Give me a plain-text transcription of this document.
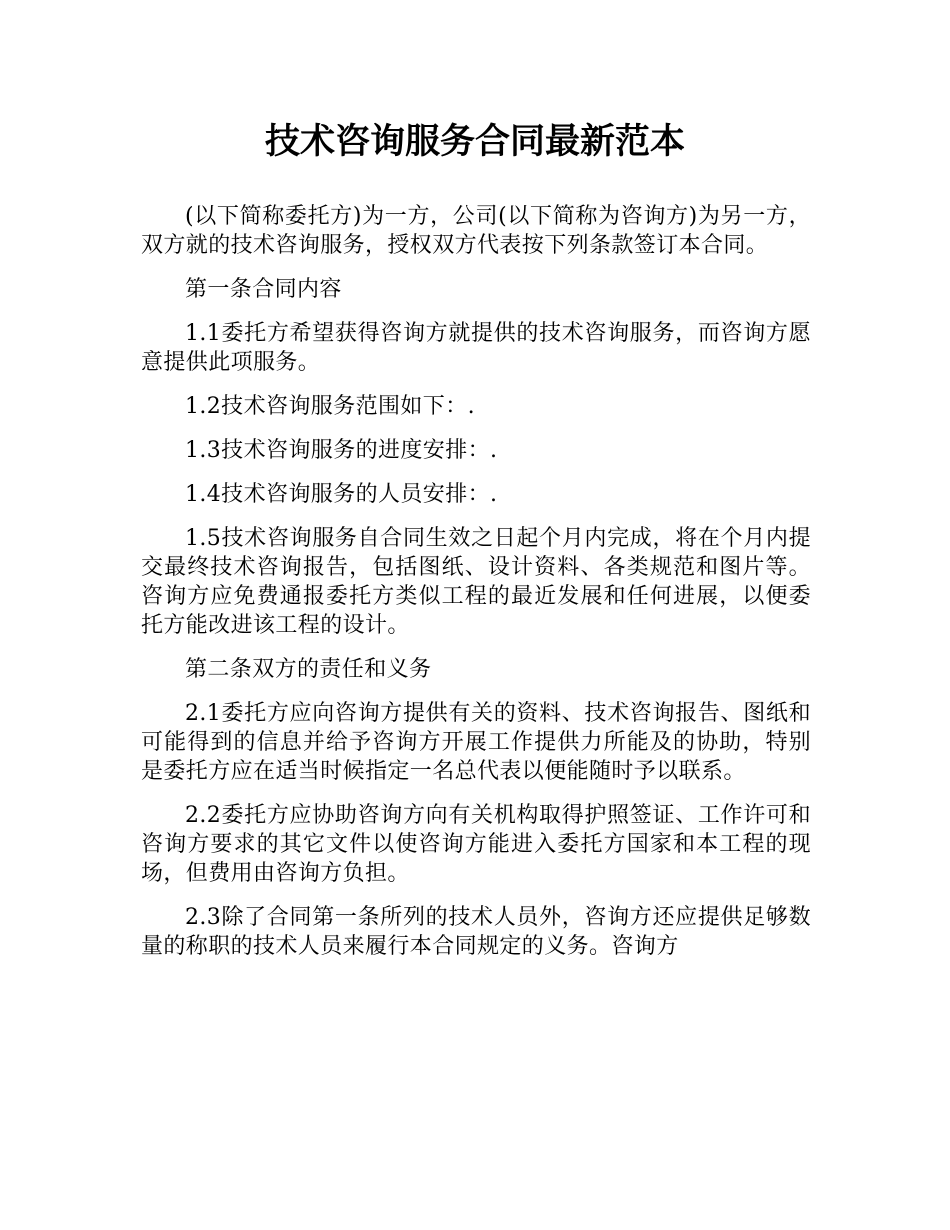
技术咨询服务合同最新范本

(以下简称委托方)为一方，公司(以下简称为咨询方)为另一方，双方就的技术咨询服务，授权双方代表按下列条款签订本合同。

第一条合同内容

1.1委托方希望获得咨询方就提供的技术咨询服务，而咨询方愿意提供此项服务。

1.2技术咨询服务范围如下：.

1.3技术咨询服务的进度安排：.

1.4技术咨询服务的人员安排：.

1.5技术咨询服务自合同生效之日起个月内完成，将在个月内提交最终技术咨询报告，包括图纸、设计资料、各类规范和图片等。咨询方应免费通报委托方类似工程的最近发展和任何进展，以便委托方能改进该工程的设计。

第二条双方的责任和义务

2.1委托方应向咨询方提供有关的资料、技术咨询报告、图纸和可能得到的信息并给予咨询方开展工作提供力所能及的协助，特别是委托方应在适当时候指定一名总代表以便能随时予以联系。

2.2委托方应协助咨询方向有关机构取得护照签证、工作许可和咨询方要求的其它文件以使咨询方能进入委托方国家和本工程的现场，但费用由咨询方负担。

2.3除了合同第一条所列的技术人员外，咨询方还应提供足够数量的称职的技术人员来履行本合同规定的义务。咨询方
